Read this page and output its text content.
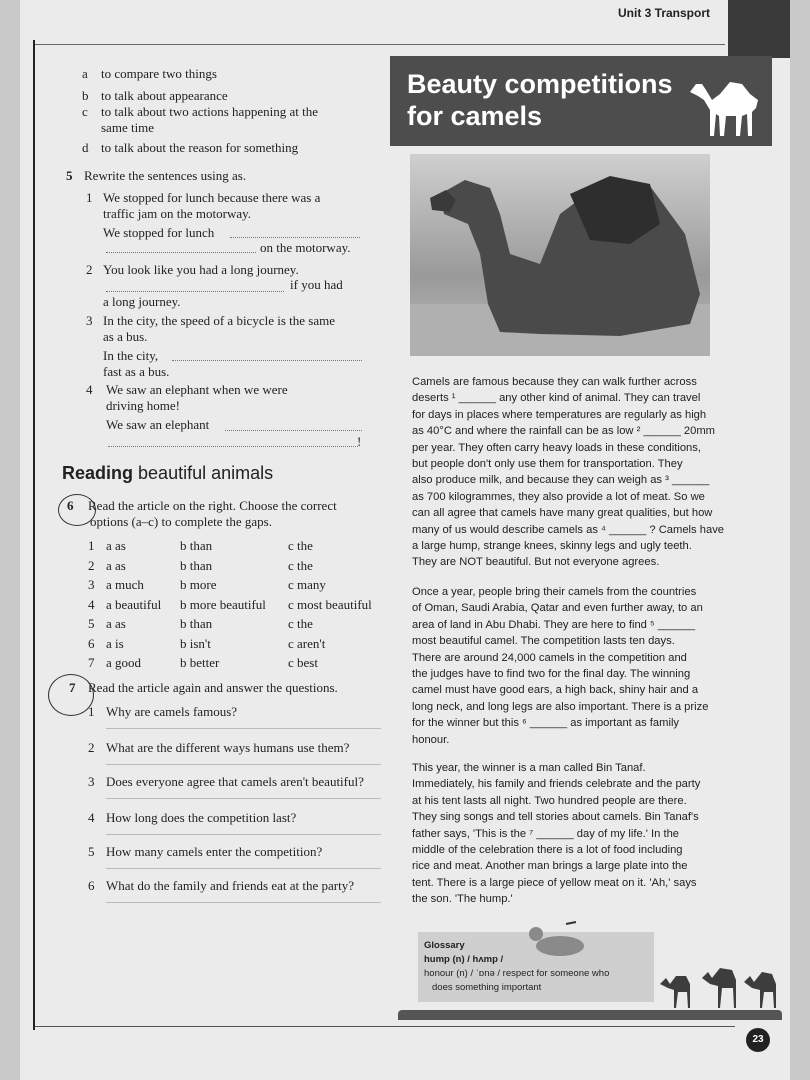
Unit 3 Transport
a to compare two things
b to talk about appearance
c to talk about two actions happening at the
same time
d to talk about the reason for something
5 Rewrite the sentences using as.
1 We stopped for lunch because there was a
traffic jam on the motorway.
We stopped for lunch
on the motorway.
2 You look like you had a long journey.
if you had
a long journey.
3 In the city, the speed of a bicycle is the same
as a bus.
In the city,
fast as a bus.
4 We saw an elephant when we were
driving home!
We saw an elephant
!
Reading beautiful animals
6 Read the article on the right. Choose the correct
options (a–c) to complete the gaps.
1 a as	b than	c the
2 a as	b than	c the
3 a much	b more	c many
4 a beautiful b more beautiful c most beautiful
5 a as	b than	c the
6 a is	b isn't	c aren't
7 a good	b better	c best
7 Read the article again and answer the questions.
1 Why are camels famous?
2 What are the different ways humans use them?
3 Does everyone agree that camels aren't beautiful?
4 How long does the competition last?
5 How many camels enter the competition?
6 What do the family and friends eat at the party?
Beauty competitions
for camels
Camels are famous because they can walk further across
deserts ¹ ______ any other kind of animal. They can travel
for days in places where temperatures are regularly as high
as 40°C and where the rainfall can be as low ² ______ 20mm
per year. They often carry heavy loads in these conditions,
but people don't only use them for transportation. They
also produce milk, and because they can weigh as ³ ______
as 700 kilogrammes, they also provide a lot of meat. So we
can all agree that camels have many great qualities, but how
many of us would describe camels as ⁴ ______ ? Camels have
a large hump, strange knees, skinny legs and ugly teeth.
They are NOT beautiful. But not everyone agrees.
Once a year, people bring their camels from the countries
of Oman, Saudi Arabia, Qatar and even further away, to an
area of land in Abu Dhabi. They are here to find ⁵ ______
most beautiful camel. The competition lasts ten days.
There are around 24,000 camels in the competition and
the judges have to find two for the final day. The winning
camel must have good ears, a high back, shiny hair and a
long neck, and long legs are also important. There is a prize
for the winner but this ⁶ ______ as important as family
honour.
This year, the winner is a man called Bin Tanaf.
Immediately, his family and friends celebrate and the party
at his tent lasts all night. Two hundred people are there.
They sing songs and tell stories about camels. Bin Tanaf's
father says, 'This is the ⁷ ______ day of my life.' In the
middle of the celebration there is a lot of food including
rice and meat. Another man brings a large plate into the
tent. There is a large piece of yellow meat on it. 'Ah,' says
the son. 'The hump.'
Glossary
hump (n) / hʌmp /
honour (n) / ˈɒnə / respect for someone who
does something important
23
